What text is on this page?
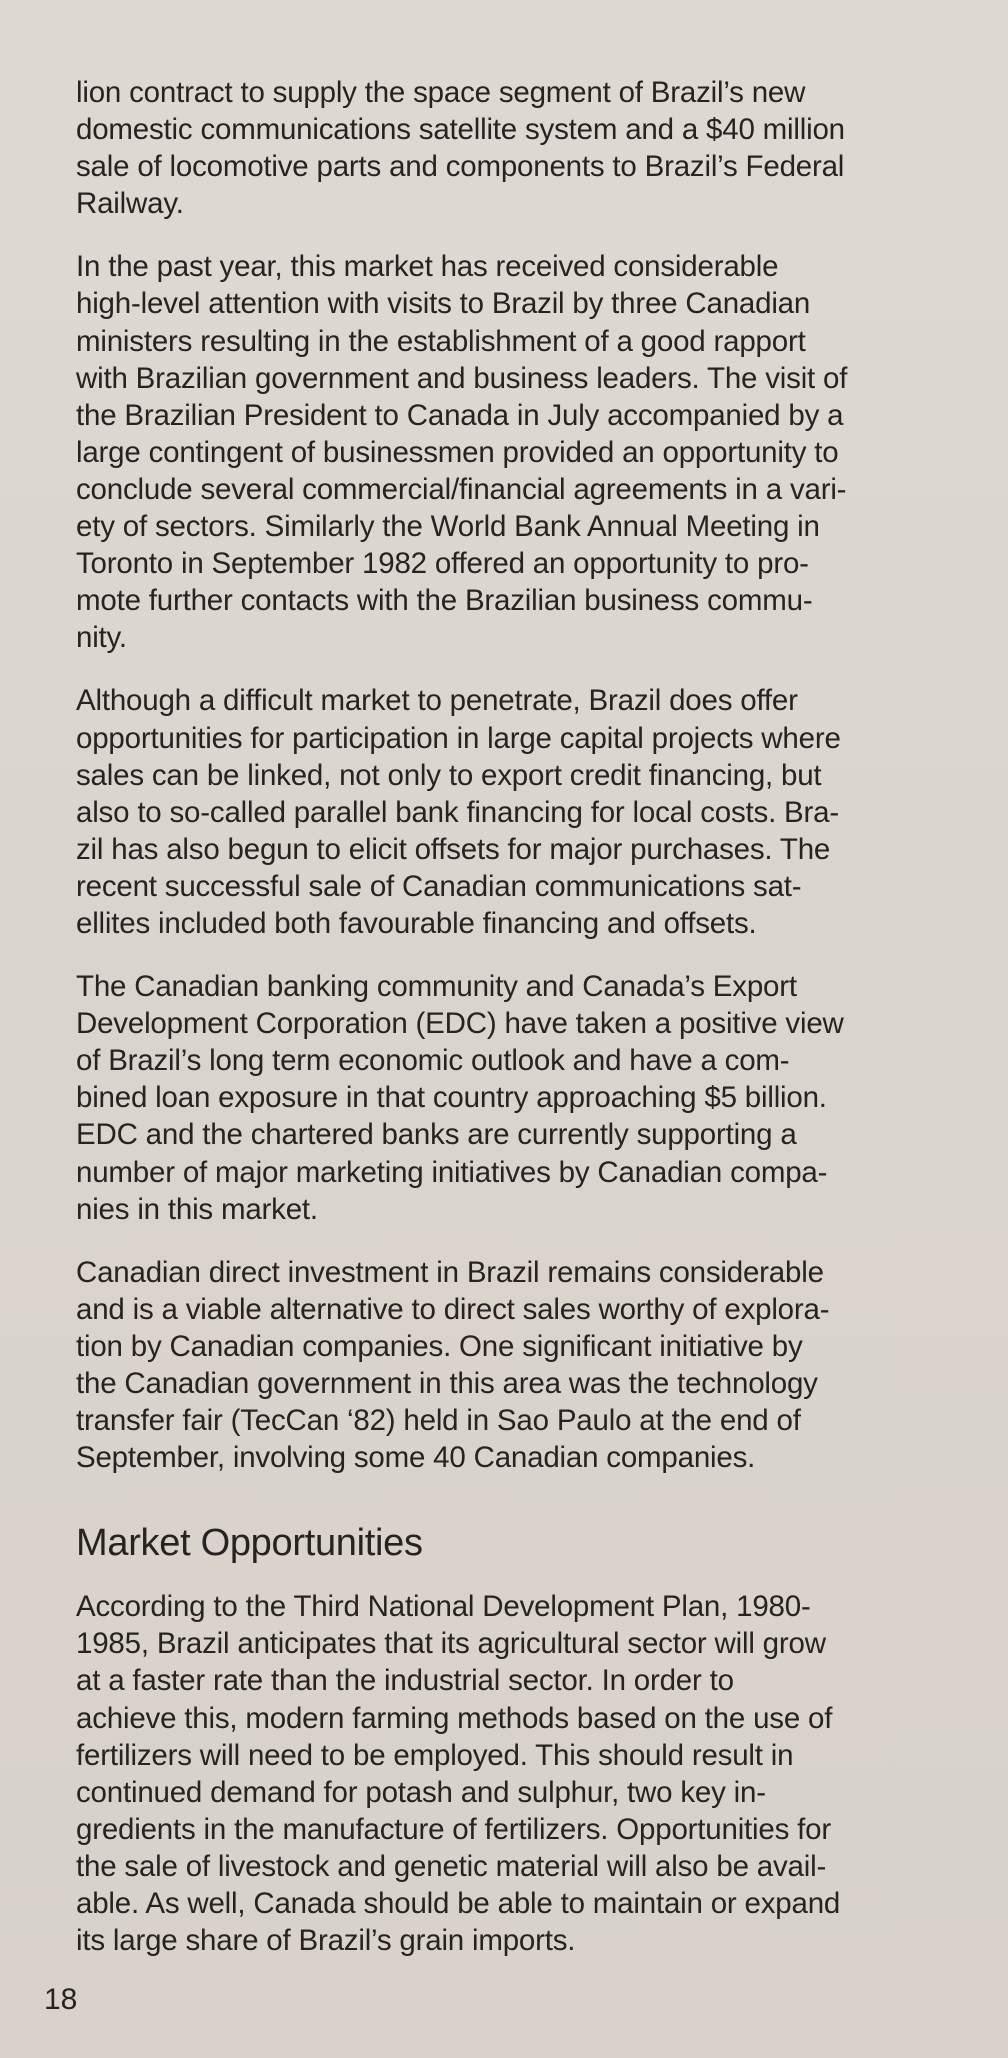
lion contract to supply the space segment of Brazil’s new
domestic communications satellite system and a $40 million
sale of locomotive parts and components to Brazil’s Federal
Railway.

In the past year, this market has received considerable
high-level attention with visits to Brazil by three Canadian
ministers resulting in the establishment of a good rapport
with Brazilian government and business leaders. The visit of
the Brazilian President to Canada in July accompanied by a
large contingent of businessmen provided an opportunity to
conclude several commercial/financial agreements in a vari-
ety of sectors. Similarly the World Bank Annual Meeting in
Toronto in September 1982 offered an opportunity to pro-
mote further contacts with the Brazilian business commu-
nity.

Although a difficult market to penetrate, Brazil does offer
opportunities for participation in large capital projects where
sales can be linked, not only to export credit financing, but
also to so-called parallel bank financing for local costs. Bra-
zil has also begun to elicit offsets for major purchases. The
recent successful sale of Canadian communications sat-
ellites included both favourable financing and offsets.

The Canadian banking community and Canada’s Export
Development Corporation (EDC) have taken a positive view
of Brazil’s long term economic outlook and have a com-
bined loan exposure in that country approaching $5 billion.
EDC and the chartered banks are currently supporting a
number of major marketing initiatives by Canadian compa-
nies in this market.

Canadian direct investment in Brazil remains considerable
and is a viable alternative to direct sales worthy of explora-
tion by Canadian companies. One significant initiative by
the Canadian government in this area was the technology
transfer fair (TecCan ‘82) held in Sao Paulo at the end of
September, involving some 40 Canadian companies.

Market Opportunities

According to the Third National Development Plan, 1980-
1985, Brazil anticipates that its agricultural sector will grow
at a faster rate than the industrial sector. In order to
achieve this, modern farming methods based on the use of
fertilizers will need to be employed. This should result in
continued demand for potash and sulphur, two key in-
gredients in the manufacture of fertilizers. Opportunities for
the sale of livestock and genetic material will also be avail-
able. As well, Canada should be able to maintain or expand
its large share of Brazil’s grain imports.

18
